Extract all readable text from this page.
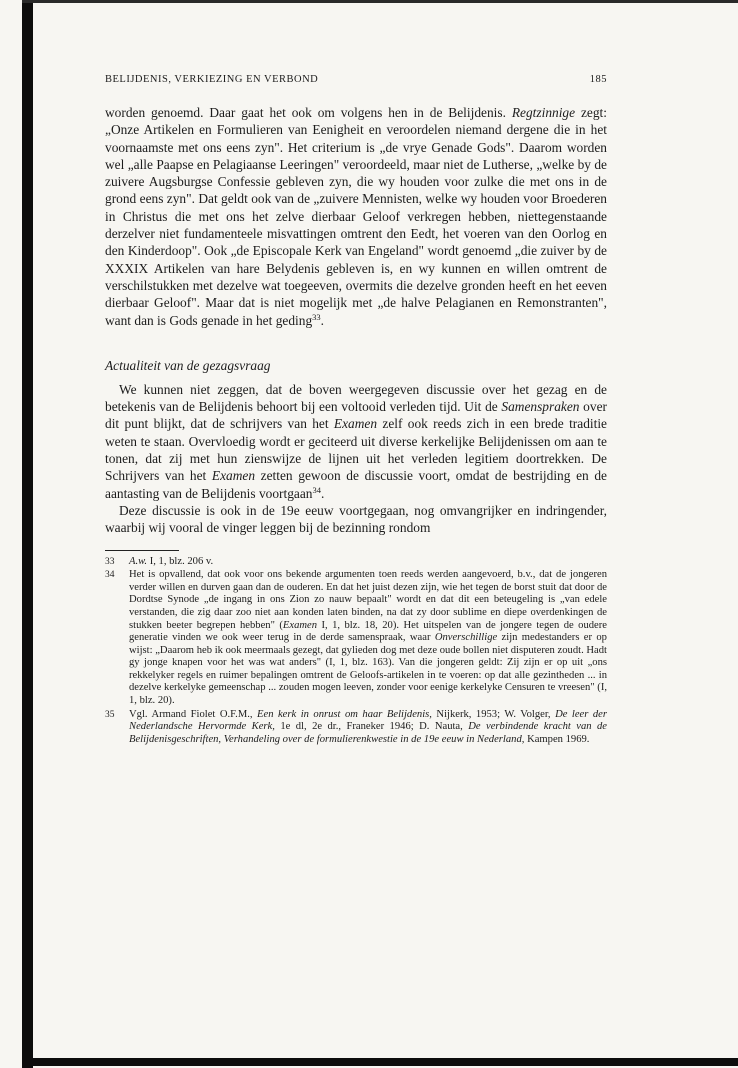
BELIJDENIS, VERKIEZING EN VERBOND	185

worden genoemd. Daar gaat het ook om volgens hen in de Belijdenis. Regtzinnige zegt: „Onze Artikelen en Formulieren van Eenigheit en veroordelen niemand dergene die in het voornaamste met ons eens zyn". Het criterium is „de vrye Genade Gods". Daarom worden wel „alle Paapse en Pelagiaanse Leeringen" veroordeeld, maar niet de Lutherse, „welke by de zuivere Augsburgse Confessie gebleven zyn, die wy houden voor zulke die met ons in de grond eens zyn". Dat geldt ook van de „zuivere Mennisten, welke wy houden voor Broederen in Christus die met ons het zelve dierbaar Geloof verkregen hebben, niettegenstaande derzelver niet fundamenteele misvattingen omtrent den Eedt, het voeren van den Oorlog en den Kinderdoop". Ook „de Episcopale Kerk van Engeland" wordt genoemd „die zuiver by de XXXIX Artikelen van hare Belydenis gebleven is, en wy kunnen en willen omtrent de verschilstukken met dezelve wat toegeeven, overmits die dezelve gronden heeft en het eeven dierbaar Geloof". Maar dat is niet mogelijk met „de halve Pelagianen en Remonstranten", want dan is Gods genade in het geding$^{33}$.

Actualiteit van de gezagsvraag

We kunnen niet zeggen, dat de boven weergegeven discussie over het gezag en de betekenis van de Belijdenis behoort bij een voltooid verleden tijd. Uit de Samenspraken over dit punt blijkt, dat de schrijvers van het Examen zelf ook reeds zich in een brede traditie weten te staan. Overvloedig wordt er geciteerd uit diverse kerkelijke Belijdenissen om aan te tonen, dat zij met hun zienswijze de lijnen uit het verleden legitiem doortrekken. De Schrijvers van het Examen zetten gewoon de discussie voort, omdat de bestrijding en de aantasting van de Belijdenis voortgaan$^{34}$.

Deze discussie is ook in de 19e eeuw voortgegaan, nog omvangrijker en indringender, waarbij wij vooral de vinger leggen bij de bezinning rondom

33	A.w. I, 1, blz. 206 v.
34	Het is opvallend, dat ook voor ons bekende argumenten toen reeds werden aangevoerd, b.v., dat de jongeren verder willen en durven gaan dan de ouderen. En dat het juist dezen zijn, wie het tegen de borst stuit dat door de Dordtse Synode „de ingang in ons Zion zo nauw bepaalt" wordt en dat dit een beteugeling is „van edele verstanden, die zig daar zoo niet aan konden laten binden, na dat zy door sublime en diepe overdenkingen de stukken beeter begrepen hebben" (Examen I, 1, blz. 18, 20). Het uitspelen van de jongere tegen de oudere generatie vinden we ook weer terug in de derde samenspraak, waar Onverschillige zijn medestanders er op wijst: „Daarom heb ik ook meermaals gezegt, dat gylieden dog met deze oude bollen niet disputeren zoudt. Hadt gy jonge knapen voor het was wat anders" (I, 1, blz. 163). Van die jongeren geldt: Zij zijn er op uit „ons rekkelyker regels en ruimer bepalingen omtrent de Geloofs-artikelen in te voeren: op dat alle gezintheden ... in dezelve kerkelyke gemeenschap ... zouden mogen leeven, zonder voor eenige kerkelyke Censuren te vreesen" (I, 1, blz. 20).
35	Vgl. Armand Fiolet O.F.M., Een kerk in onrust om haar Belijdenis, Nijkerk, 1953; W. Volger, De leer der Nederlandsche Hervormde Kerk, 1e dl, 2e dr., Franeker 1946; D. Nauta, De verbindende kracht van de Belijdenisgeschriften, Verhandeling over de formulierenkwestie in de 19e eeuw in Nederland, Kampen 1969.
